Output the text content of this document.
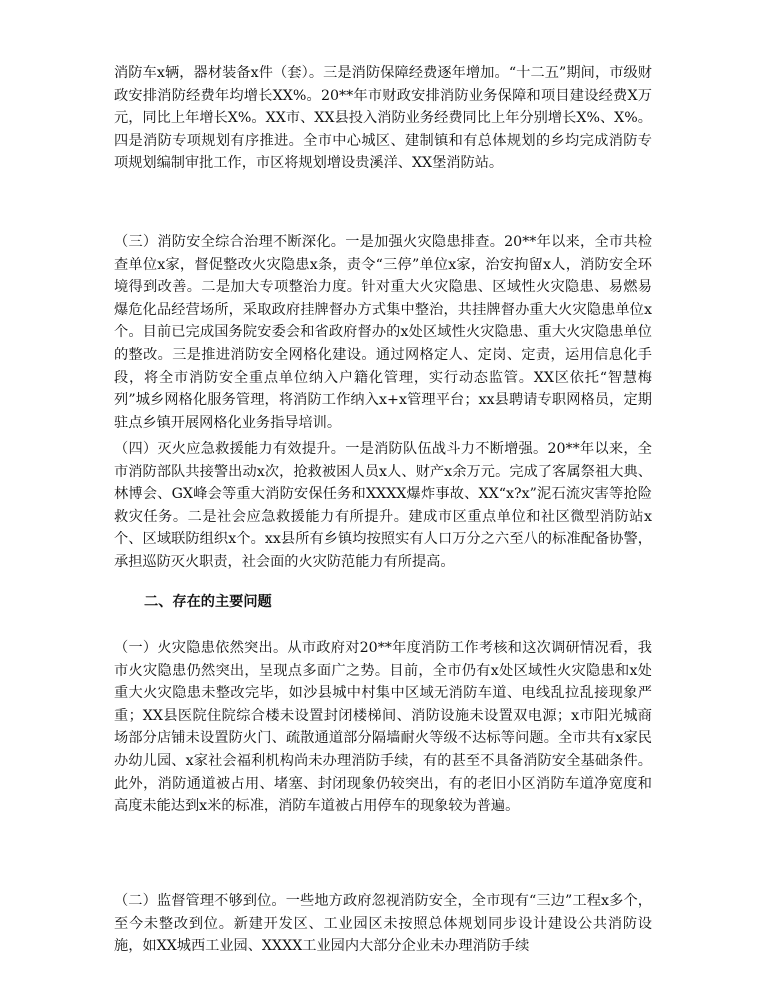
消防车x辆，器材装备x件（套）。三是消防保障经费逐年增加。“十二五”期间，市级财政安排消防经费年均增长XX%。20**年市财政安排消防业务保障和项目建设经费X万元，同比上年增长X%。XX市、XX县投入消防业务经费同比上年分别增长X%、X%。四是消防专项规划有序推进。全市中心城区、建制镇和有总体规划的乡均完成消防专项规划编制审批工作，市区将规划增设贵溪洋、XX堡消防站。

（三）消防安全综合治理不断深化。一是加强火灾隐患排查。20**年以来，全市共检查单位x家，督促整改火灾隐患x条，责令“三停”单位x家，治安拘留x人，消防安全环境得到改善。二是加大专项整治力度。针对重大火灾隐患、区域性火灾隐患、易燃易爆危化品经营场所，采取政府挂牌督办方式集中整治，共挂牌督办重大火灾隐患单位x个。目前已完成国务院安委会和省政府督办的x处区域性火灾隐患、重大火灾隐患单位的整改。三是推进消防安全网格化建设。通过网格定人、定岗、定责，运用信息化手段，将全市消防安全重点单位纳入户籍化管理，实行动态监管。XX区依托“智慧梅列”城乡网格化服务管理，将消防工作纳入x+x管理平台；xx县聘请专职网格员，定期驻点乡镇开展网格化业务指导培训。

（四）灭火应急救援能力有效提升。一是消防队伍战斗力不断增强。20**年以来，全市消防部队共接警出动x次，抢救被困人员x人、财产x余万元。完成了客属祭祖大典、林博会、GX峰会等重大消防安保任务和XXXX爆炸事故、XX“x?x”泥石流灾害等抢险救灾任务。二是社会应急救援能力有所提升。建成市区重点单位和社区微型消防站x个、区域联防组织x个。xx县所有乡镇均按照实有人口万分之六至八的标准配备协警，承担巡防灭火职责，社会面的火灾防范能力有所提高。

二、存在的主要问题

（一）火灾隐患依然突出。从市政府对20**年度消防工作考核和这次调研情况看，我市火灾隐患仍然突出，呈现点多面广之势。目前，全市仍有x处区域性火灾隐患和x处重大火灾隐患未整改完毕，如沙县城中村集中区域无消防车道、电线乱拉乱接现象严重；XX县医院住院综合楼未设置封闭楼梯间、消防设施未设置双电源；x市阳光城商场部分店铺未设置防火门、疏散通道部分隔墙耐火等级不达标等问题。全市共有x家民办幼儿园、x家社会福利机构尚未办理消防手续，有的甚至不具备消防安全基础条件。此外，消防通道被占用、堵塞、封闭现象仍较突出，有的老旧小区消防车道净宽度和高度未能达到x米的标准，消防车道被占用停车的现象较为普遍。

（二）监督管理不够到位。一些地方政府忽视消防安全，全市现有“三边”工程x多个，至今未整改到位。新建开发区、工业园区未按照总体规划同步设计建设公共消防设施，如XX城西工业园、XXXX工业园内大部分企业未办理消防手续
